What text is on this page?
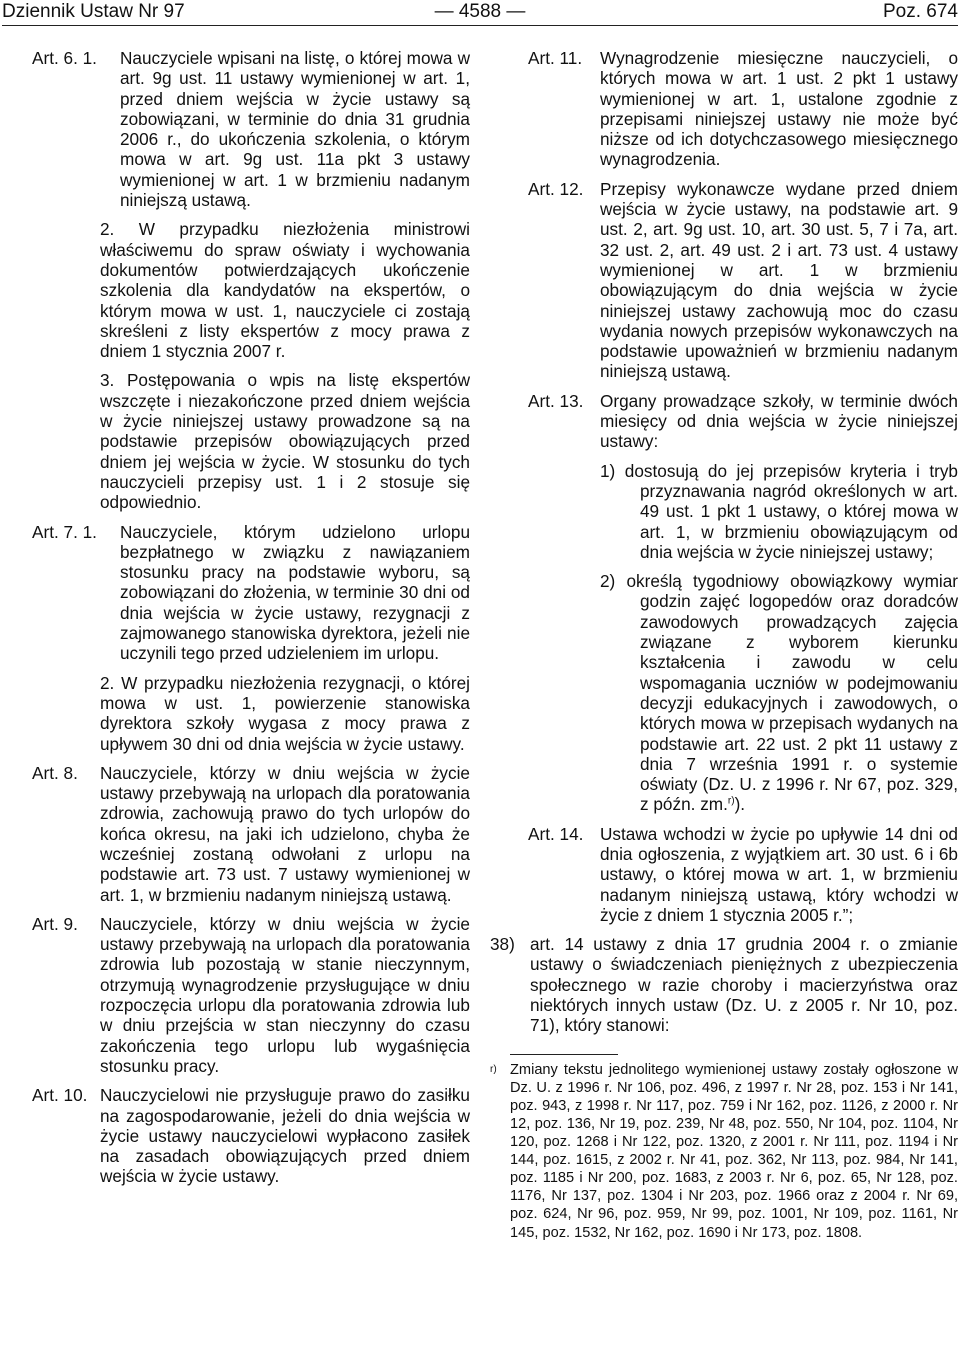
Dziennik Ustaw Nr 97	— 4588 —	Poz. 674
Art. 6. 1. Nauczyciele wpisani na listę, o której mowa w art. 9g ust. 11 ustawy wymienionej w art. 1, przed dniem wejścia w życie ustawy są zobowiązani, w terminie do dnia 31 grudnia 2006 r., do ukończenia szkolenia, o którym mowa w art. 9g ust. 11a pkt 3 ustawy wymienionej w art. 1 w brzmieniu nadanym niniejszą ustawą.
2. W przypadku niezłożenia ministrowi właściwemu do spraw oświaty i wychowania dokumentów potwierdzających ukończenie szkolenia dla kandydatów na ekspertów, o którym mowa w ust. 1, nauczyciele ci zostają skreśleni z listy ekspertów z mocy prawa z dniem 1 stycznia 2007 r.
3. Postępowania o wpis na listę ekspertów wszczęte i niezakończone przed dniem wejścia w życie niniejszej ustawy prowadzone są na podstawie przepisów obowiązujących przed dniem jej wejścia w życie. W stosunku do tych nauczycieli przepisy ust. 1 i 2 stosuje się odpowiednio.
Art. 7. 1. Nauczyciele, którym udzielono urlopu bezpłatnego w związku z nawiązaniem stosunku pracy na podstawie wyboru, są zobowiązani do złożenia, w terminie 30 dni od dnia wejścia w życie ustawy, rezygnacji z zajmowanego stanowiska dyrektora, jeżeli nie uczynili tego przed udzieleniem im urlopu.
2. W przypadku niezłożenia rezygnacji, o której mowa w ust. 1, powierzenie stanowiska dyrektora szkoły wygasa z mocy prawa z upływem 30 dni od dnia wejścia w życie ustawy.
Art. 8. Nauczyciele, którzy w dniu wejścia w życie ustawy przebywają na urlopach dla poratowania zdrowia, zachowują prawo do tych urlopów do końca okresu, na jaki ich udzielono, chyba że wcześniej zostaną odwołani z urlopu na podstawie art. 73 ust. 7 ustawy wymienionej w art. 1, w brzmieniu nadanym niniejszą ustawą.
Art. 9. Nauczyciele, którzy w dniu wejścia w życie ustawy przebywają na urlopach dla poratowania zdrowia lub pozostają w stanie nieczynnym, otrzymują wynagrodzenie przysługujące w dniu rozpoczęcia urlopu dla poratowania zdrowia lub w dniu przejścia w stan nieczynny do czasu zakończenia tego urlopu lub wygaśnięcia stosunku pracy.
Art. 10. Nauczycielowi nie przysługuje prawo do zasiłku na zagospodarowanie, jeżeli do dnia wejścia w życie ustawy nauczycielowi wypłacono zasiłek na zasadach obowiązujących przed dniem wejścia w życie ustawy.
Art. 11. Wynagrodzenie miesięczne nauczycieli, o których mowa w art. 1 ust. 2 pkt 1 ustawy wymienionej w art. 1, ustalone zgodnie z przepisami niniejszej ustawy nie może być niższe od ich dotychczasowego miesięcznego wynagrodzenia.
Art. 12. Przepisy wykonawcze wydane przed dniem wejścia w życie ustawy, na podstawie art. 9 ust. 2, art. 9g ust. 10, art. 30 ust. 5, 7 i 7a, art. 32 ust. 2, art. 49 ust. 2 i art. 73 ust. 4 ustawy wymienionej w art. 1 w brzmieniu obowiązującym do dnia wejścia w życie niniejszej ustawy zachowują moc do czasu wydania nowych przepisów wykonawczych na podstawie upoważnień w brzmieniu nadanym niniejszą ustawą.
Art. 13. Organy prowadzące szkoły, w terminie dwóch miesięcy od dnia wejścia w życie niniejszej ustawy:
1) dostosują do jej przepisów kryteria i tryb przyznawania nagród określonych w art. 49 ust. 1 pkt 1 ustawy, o której mowa w art. 1, w brzmieniu obowiązującym od dnia wejścia w życie niniejszej ustawy;
2) określą tygodniowy obowiązkowy wymiar godzin zajęć logopedów oraz doradców zawodowych prowadzących zajęcia związane z wyborem kierunku kształcenia i zawodu w celu wspomagania uczniów w podejmowaniu decyzji edukacyjnych i zawodowych, o których mowa w przepisach wydanych na podstawie art. 22 ust. 2 pkt 11 ustawy z dnia 7 września 1991 r. o systemie oświaty (Dz. U. z 1996 r. Nr 67, poz. 329, z późn. zm.$^{r)}$).
Art. 14. Ustawa wchodzi w życie po upływie 14 dni od dnia ogłoszenia, z wyjątkiem art. 30 ust. 6 i 6b ustawy, o której mowa w art. 1, w brzmieniu nadanym niniejszą ustawą, który wchodzi w życie z dniem 1 stycznia 2005 r.”;
38) art. 14 ustawy z dnia 17 grudnia 2004 r. o zmianie ustawy o świadczeniach pieniężnych z ubezpieczenia społecznego w razie choroby i macierzyństwa oraz niektórych innych ustaw (Dz. U. z 2005 r. Nr 10, poz. 71), który stanowi:
r) Zmiany tekstu jednolitego wymienionej ustawy zostały ogłoszone w Dz. U. z 1996 r. Nr 106, poz. 496, z 1997 r. Nr 28, poz. 153 i Nr 141, poz. 943, z 1998 r. Nr 117, poz. 759 i Nr 162, poz. 1126, z 2000 r. Nr 12, poz. 136, Nr 19, poz. 239, Nr 48, poz. 550, Nr 104, poz. 1104, Nr 120, poz. 1268 i Nr 122, poz. 1320, z 2001 r. Nr 111, poz. 1194 i Nr 144, poz. 1615, z 2002 r. Nr 41, poz. 362, Nr 113, poz. 984, Nr 141, poz. 1185 i Nr 200, poz. 1683, z 2003 r. Nr 6, poz. 65, Nr 128, poz. 1176, Nr 137, poz. 1304 i Nr 203, poz. 1966 oraz z 2004 r. Nr 69, poz. 624, Nr 96, poz. 959, Nr 99, poz. 1001, Nr 109, poz. 1161, Nr 145, poz. 1532, Nr 162, poz. 1690 i Nr 173, poz. 1808.
